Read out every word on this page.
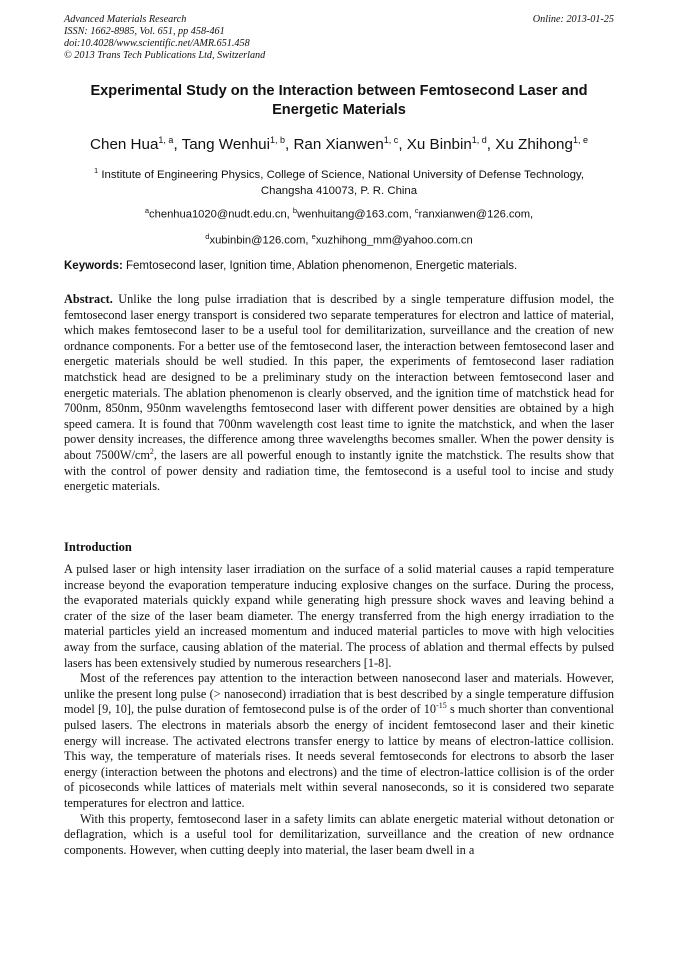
Advanced Materials Research
ISSN: 1662-8985, Vol. 651, pp 458-461
doi:10.4028/www.scientific.net/AMR.651.458
© 2013 Trans Tech Publications Ltd, Switzerland
Online: 2013-01-25
Experimental Study on the Interaction between Femtosecond Laser and Energetic Materials
Chen Hua$^{1, a}$, Tang Wenhui$^{1, b}$, Ran Xianwen$^{1, c}$, Xu Binbin$^{1, d}$, Xu Zhihong$^{1, e}$
$^1$ Institute of Engineering Physics, College of Science, National University of Defense Technology,
Changsha 410073, P. R. China
$^a$chenhua1020@nudt.edu.cn, $^b$wenhuitang@163.com, $^c$ranxianwen@126.com,
$^d$xubinbin@126.com, $^e$xuzhihong_mm@yahoo.com.cn
Keywords: Femtosecond laser, Ignition time, Ablation phenomenon, Energetic materials.

Abstract. Unlike the long pulse irradiation that is described by a single temperature diffusion model, the femtosecond laser energy transport is considered two separate temperatures for electron and lattice of material, which makes femtosecond laser to be a useful tool for demilitarization, surveillance and the creation of new ordnance components. For a better use of the femtosecond laser, the interaction between femtosecond laser and energetic materials should be well studied. In this paper, the experiments of femtosecond laser radiation matchstick head are designed to be a preliminary study on the interaction between femtosecond laser and energetic materials. The ablation phenomenon is clearly observed, and the ignition time of matchstick head for 700nm, 850nm, 950nm wavelengths femtosecond laser with different power densities are obtained by a high speed camera. It is found that 700nm wavelength cost least time to ignite the matchstick, and when the laser power density increases, the difference among three wavelengths becomes smaller. When the power density is about $7500W/cm^2$, the lasers are all powerful enough to instantly ignite the matchstick. The results show that with the control of power density and radiation time, the femtosecond is a useful tool to incise and study energetic materials.

Introduction

A pulsed laser or high intensity laser irradiation on the surface of a solid material causes a rapid temperature increase beyond the evaporation temperature inducing explosive changes on the surface. During the process, the evaporated materials quickly expand while generating high pressure shock waves and leaving behind a crater of the size of the laser beam diameter. The energy transferred from the high energy irradiation to the material particles yield an increased momentum and induced material particles to move with high velocities away from the surface, causing ablation of the material. The process of ablation and thermal effects by pulsed lasers has been extensively studied by numerous researchers [1-8].

Most of the references pay attention to the interaction between nanosecond laser and materials. However, unlike the present long pulse (> nanosecond) irradiation that is best described by a single temperature diffusion model [9, 10], the pulse duration of femtosecond pulse is of the order of $10^{-15}$ s much shorter than conventional pulsed lasers. The electrons in materials absorb the energy of incident femtosecond laser and their kinetic energy will increase. The activated electrons transfer energy to lattice by means of electron-lattice collision. This way, the temperature of materials rises. It needs several femtoseconds for electrons to absorb the laser energy (interaction between the photons and electrons) and the time of electron-lattice collision is of the order of picoseconds while lattices of materials melt within several nanoseconds, so it is considered two separate temperatures for electron and lattice.

With this property, femtosecond laser in a safety limits can ablate energetic material without detonation or deflagration, which is a useful tool for demilitarization, surveillance and the creation of new ordnance components. However, when cutting deeply into material, the laser beam dwell in a
